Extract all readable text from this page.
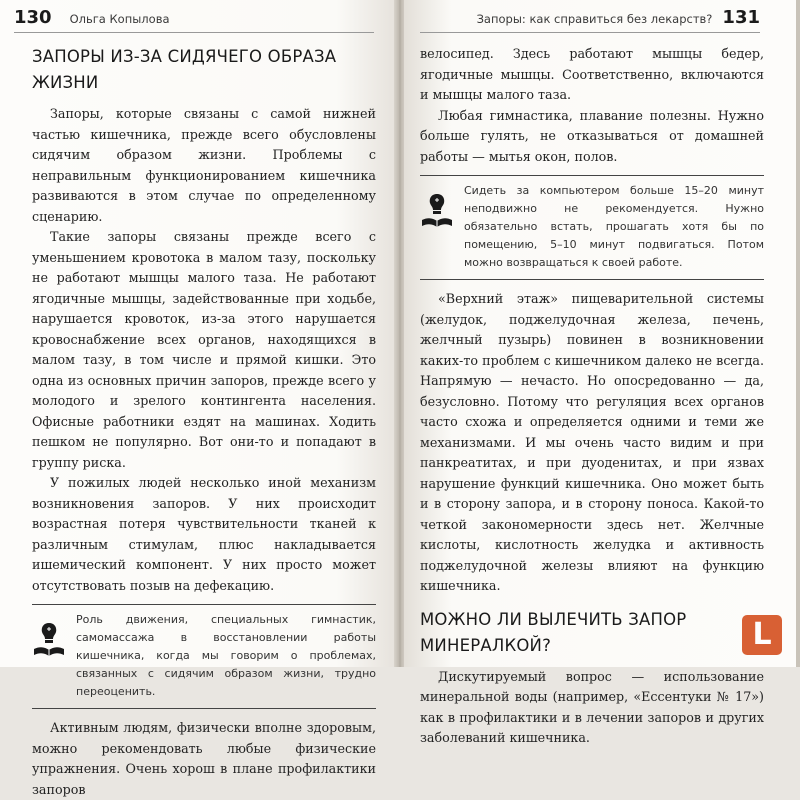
130 Ольга Копылова
ЗАПОРЫ ИЗ-ЗА СИДЯЧЕГО ОБРАЗА ЖИЗНИ

Запоры, которые связаны с самой нижней частью кишечника, прежде всего обусловлены сидячим образом жизни. Проблемы с неправильным функционированием кишечника развиваются в этом случае по определенному сценарию.

Такие запоры связаны прежде всего с уменьшением кровотока в малом тазу, поскольку не работают мышцы малого таза. Не работают ягодичные мышцы, задействованные при ходьбе, нарушается кровоток, из-за этого нарушается кровоснабжение всех органов, находящихся в малом тазу, в том числе и прямой кишки. Это одна из основных причин запоров, прежде всего у молодого и зрелого контингента населения. Офисные работники ездят на машинах. Ходить пешком не популярно. Вот они-то и попадают в группу риска.

У пожилых людей несколько иной механизм возникновения запоров. У них происходит возрастная потеря чувствительности тканей к различным стимулам, плюс накладывается ишемический компонент. У них просто может отсутствовать позыв на дефекацию.

Роль движения, специальных гимнастик, самомассажа в восстановлении работы кишечника, когда мы говорим о проблемах, связанных с сидячим образом жизни, трудно переоценить.

Активным людям, физически вполне здоровым, можно рекомендовать любые физические упражнения. Очень хорош в плане профилактики запоров

Запоры: как справиться без лекарств? 131

велосипед. Здесь работают мышцы бедер, ягодичные мышцы. Соответственно, включаются и мышцы малого таза.

Любая гимнастика, плавание полезны. Нужно больше гулять, не отказываться от домашней работы — мытья окон, полов.

Сидеть за компьютером больше 15–20 минут неподвижно не рекомендуется. Нужно обязательно встать, прошагать хотя бы по помещению, 5–10 минут подвигаться. Потом можно возвращаться к своей работе.

«Верхний этаж» пищеварительной системы (желудок, поджелудочная железа, печень, желчный пузырь) повинен в возникновении каких-то проблем с кишечником далеко не всегда. Напрямую — нечасто. Но опосредованно — да, безусловно. Потому что регуляция всех органов часто схожа и определяется одними и теми же механизмами. И мы очень часто видим и при панкреатитах, и при дуоденитах, и при язвах нарушение функций кишечника. Оно может быть и в сторону запора, и в сторону поноса. Какой-то четкой закономерности здесь нет. Желчные кислоты, кислотность желудка и активность поджелудочной железы влияют на функцию кишечника.

МОЖНО ЛИ ВЫЛЕЧИТЬ ЗАПОР МИНЕРАЛКОЙ?

Дискутируемый вопрос — использование минеральной воды (например, «Ессентуки № 17») как в профилактики и в лечении запоров и других заболеваний кишечника.

L
